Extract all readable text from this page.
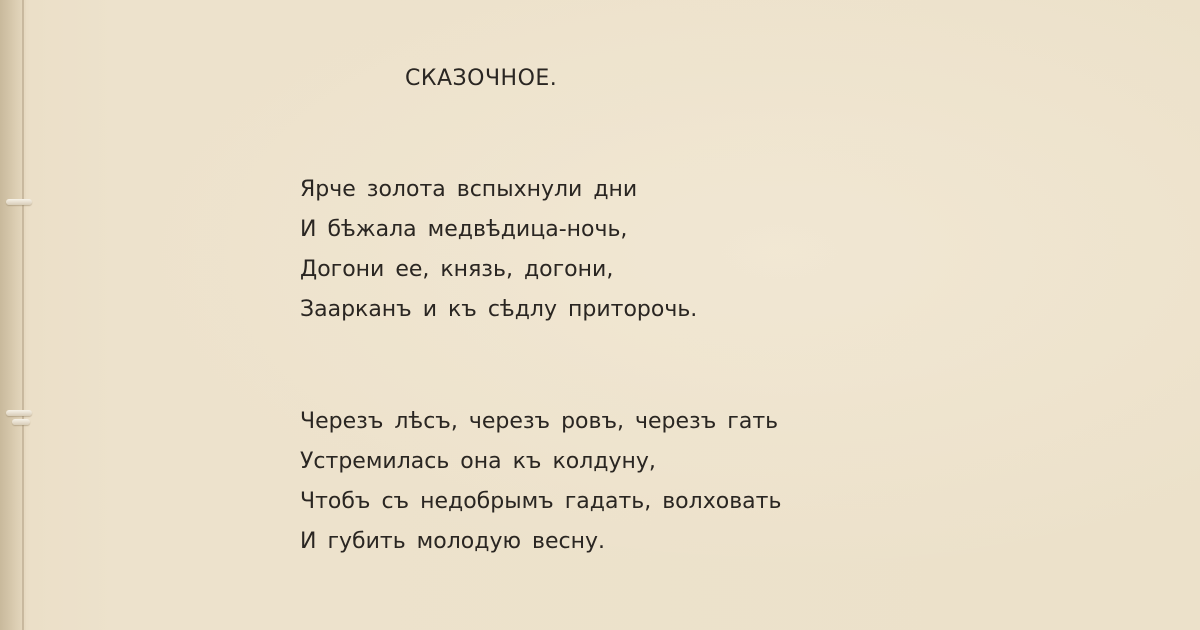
СКАЗОЧНОЕ.
Ярче золота вспыхнули дни
И бѣжала медвѣдица-ночь,
Догони ее, князь, догони,
Заарканъ и къ сѣдлу приторочь.
Черезъ лѣсъ, черезъ ровъ, черезъ гать
Устремилась она къ колдуну,
Чтобъ съ недобрымъ гадать, волховать
И губить молодую весну.
